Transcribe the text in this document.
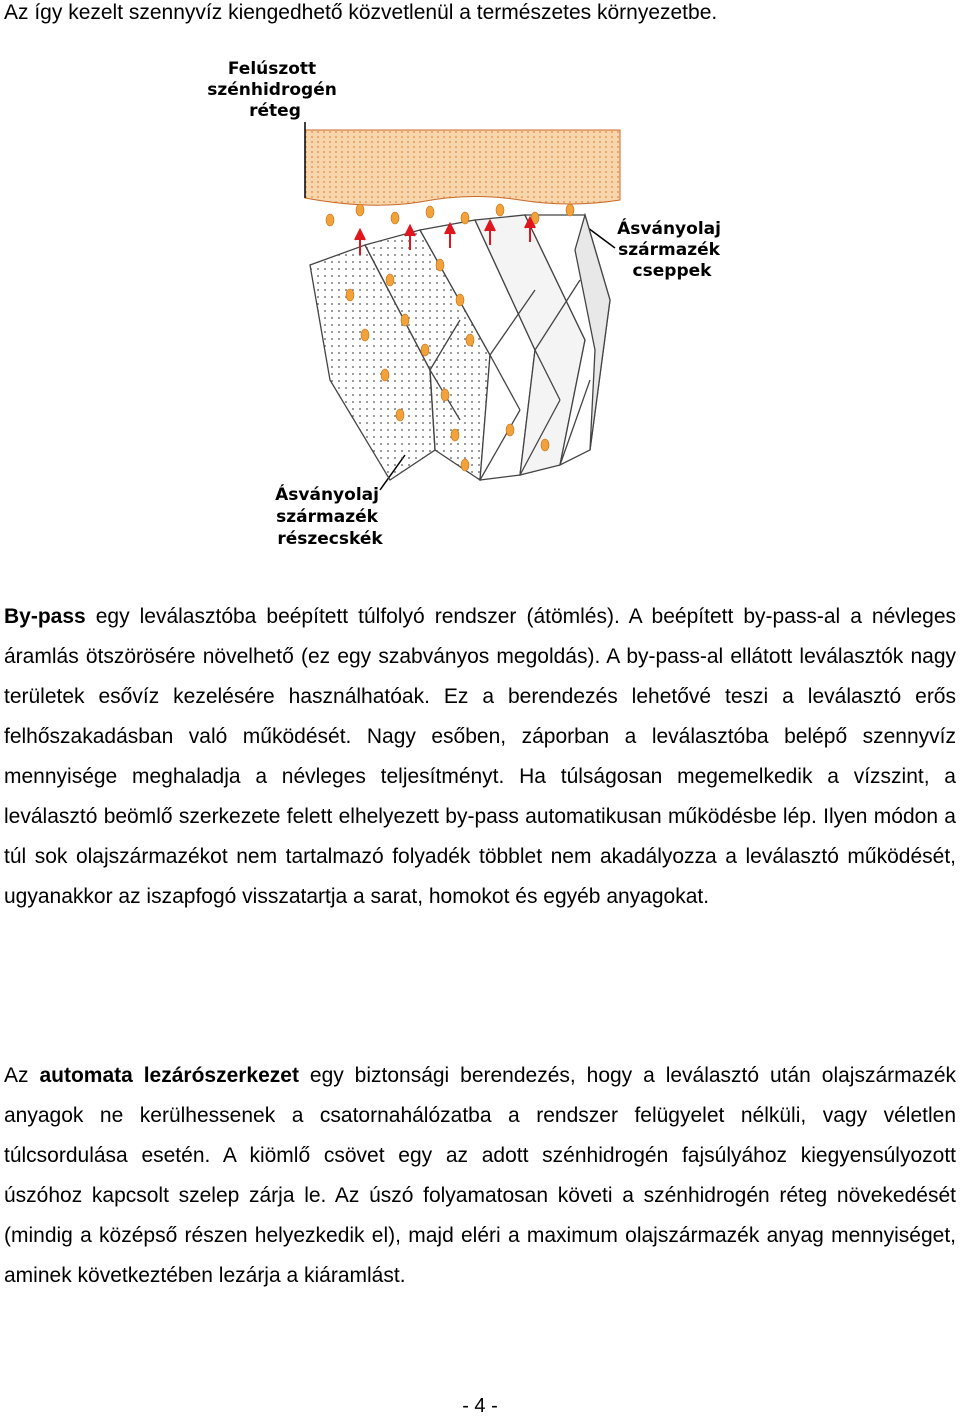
Az így kezelt szennyvíz kiengedhető közvetlenül a természetes környezetbe.
Felúszott szénhidrogén réteg
Ásványolaj származék cseppek
Ásványolaj származék részecskék
By-pass egy leválasztóba beépített túlfolyó rendszer (átömlés). A beépített by-pass-al a névleges áramlás ötszörösére növelhető (ez egy szabványos megoldás). A by-pass-al ellátott leválasztók nagy területek esővíz kezelésére használhatóak. Ez a berendezés lehetővé teszi a leválasztó erős felhőszakadásban való működését. Nagy esőben, záporban a leválasztóba belépő szennyvíz mennyisége meghaladja a névleges teljesítményt. Ha túlságosan megemelkedik a vízszint, a leválasztó beömlő szerkezete felett elhelyezett by-pass automatikusan működésbe lép. Ilyen módon a túl sok olajszármazékot nem tartalmazó folyadék többlet nem akadályozza a leválasztó működését, ugyanakkor az iszapfogó visszatartja a sarat, homokot és egyéb anyagokat.
Az automata lezárószerkezet egy biztonsági berendezés, hogy a leválasztó után olajszármazék anyagok ne kerülhessenek a csatornahálózatba a rendszer felügyelet nélküli, vagy véletlen túlcsordulása esetén. A kiömlő csövet egy az adott szénhidrogén fajsúlyához kiegyensúlyozott úszóhoz kapcsolt szelep zárja le. Az úszó folyamatosan követi a szénhidrogén réteg növekedését (mindig a középső részen helyezkedik el), majd eléri a maximum olajszármazék anyag mennyiséget, aminek következtében lezárja a kiáramlást.
- 4 -
